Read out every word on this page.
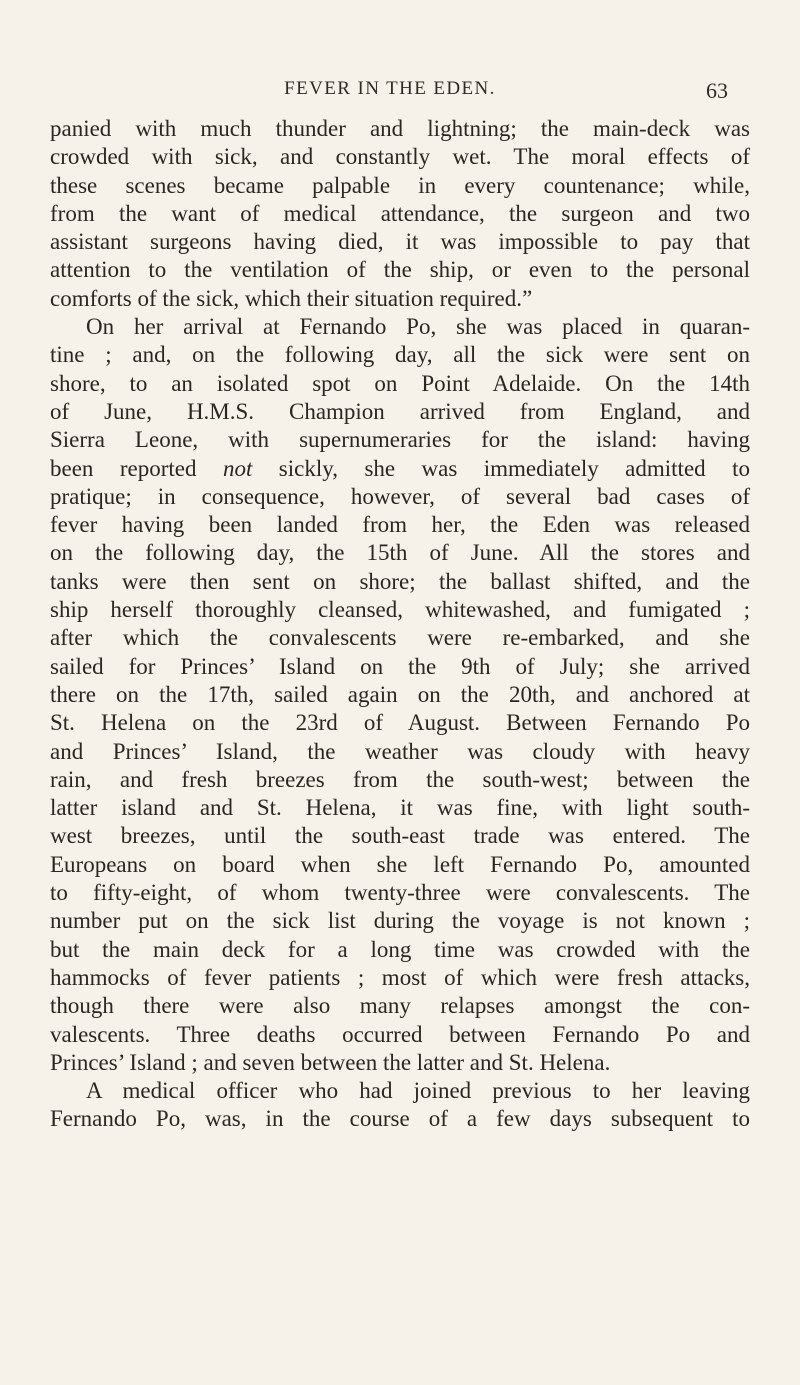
FEVER IN THE EDEN.	63
panied with much thunder and lightning; the main-deck was
crowded with sick, and constantly wet. The moral effects of
these scenes became palpable in every countenance; while,
from the want of medical attendance, the surgeon and two
assistant surgeons having died, it was impossible to pay that
attention to the ventilation of the ship, or even to the personal
comforts of the sick, which their situation required.”
On her arrival at Fernando Po, she was placed in quaran-
tine ; and, on the following day, all the sick were sent on
shore, to an isolated spot on Point Adelaide. On the 14th
of June, H.M.S. Champion arrived from England, and
Sierra Leone, with supernumeraries for the island: having
been reported not sickly, she was immediately admitted to
pratique; in consequence, however, of several bad cases of
fever having been landed from her, the Eden was released
on the following day, the 15th of June. All the stores and
tanks were then sent on shore; the ballast shifted, and the
ship herself thoroughly cleansed, whitewashed, and fumigated ;
after which the convalescents were re-embarked, and she
sailed for Princes’ Island on the 9th of July; she arrived
there on the 17th, sailed again on the 20th, and anchored at
St. Helena on the 23rd of August. Between Fernando Po
and Princes’ Island, the weather was cloudy with heavy
rain, and fresh breezes from the south-west; between the
latter island and St. Helena, it was fine, with light south-
west breezes, until the south-east trade was entered. The
Europeans on board when she left Fernando Po, amounted
to fifty-eight, of whom twenty-three were convalescents. The
number put on the sick list during the voyage is not known ;
but the main deck for a long time was crowded with the
hammocks of fever patients ; most of which were fresh attacks,
though there were also many relapses amongst the con-
valescents. Three deaths occurred between Fernando Po and
Princes’ Island ; and seven between the latter and St. Helena.
A medical officer who had joined previous to her leaving
Fernando Po, was, in the course of a few days subsequent to
